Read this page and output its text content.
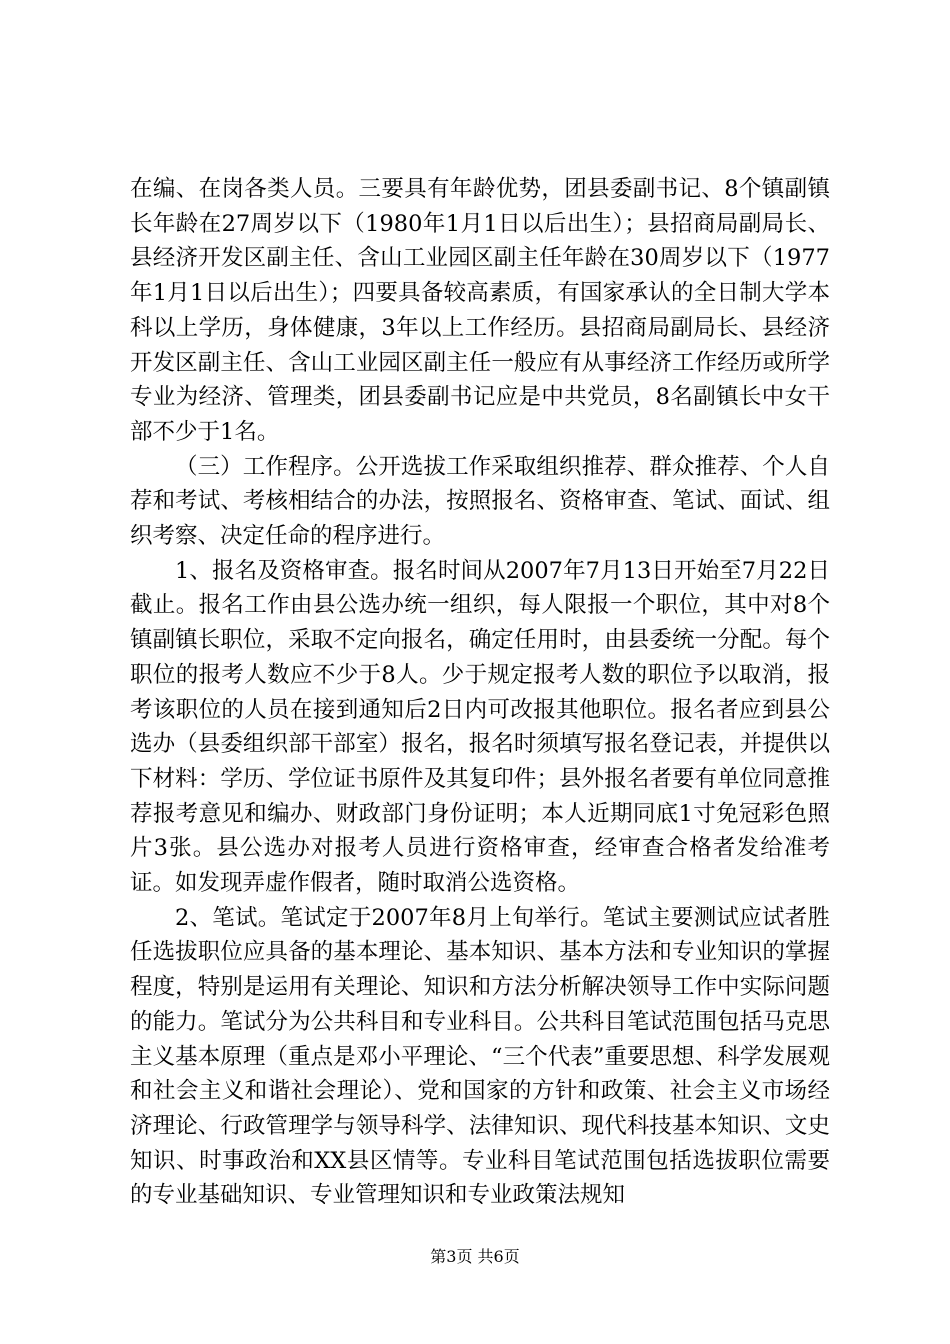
在编、在岗各类人员。三要具有年龄优势，团县委副书记、8个镇副镇长年龄在27周岁以下（1980年1月1日以后出生）；县招商局副局长、县经济开发区副主任、含山工业园区副主任年龄在30周岁以下（1977年1月1日以后出生）；四要具备较高素质，有国家承认的全日制大学本科以上学历，身体健康，3年以上工作经历。县招商局副局长、县经济开发区副主任、含山工业园区副主任一般应有从事经济工作经历或所学专业为经济、管理类，团县委副书记应是中共党员，8名副镇长中女干部不少于1名。

（三）工作程序。公开选拔工作采取组织推荐、群众推荐、个人自荐和考试、考核相结合的办法，按照报名、资格审查、笔试、面试、组织考察、决定任命的程序进行。

1、报名及资格审查。报名时间从2007年7月13日开始至7月22日截止。报名工作由县公选办统一组织，每人限报一个职位，其中对8个镇副镇长职位，采取不定向报名，确定任用时，由县委统一分配。每个职位的报考人数应不少于8人。少于规定报考人数的职位予以取消，报考该职位的人员在接到通知后2日内可改报其他职位。报名者应到县公选办（县委组织部干部室）报名，报名时须填写报名登记表，并提供以下材料：学历、学位证书原件及其复印件；县外报名者要有单位同意推荐报考意见和编办、财政部门身份证明；本人近期同底1寸免冠彩色照片3张。县公选办对报考人员进行资格审查，经审查合格者发给准考证。如发现弄虚作假者，随时取消公选资格。

2、笔试。笔试定于2007年8月上旬举行。笔试主要测试应试者胜任选拔职位应具备的基本理论、基本知识、基本方法和专业知识的掌握程度，特别是运用有关理论、知识和方法分析解决领导工作中实际问题的能力。笔试分为公共科目和专业科目。公共科目笔试范围包括马克思主义基本原理（重点是邓小平理论、“三个代表”重要思想、科学发展观和社会主义和谐社会理论）、党和国家的方针和政策、社会主义市场经济理论、行政管理学与领导科学、法律知识、现代科技基本知识、文史知识、时事政治和XX县区情等。专业科目笔试范围包括选拔职位需要的专业基础知识、专业管理知识和专业政策法规知

第3页 共6页
